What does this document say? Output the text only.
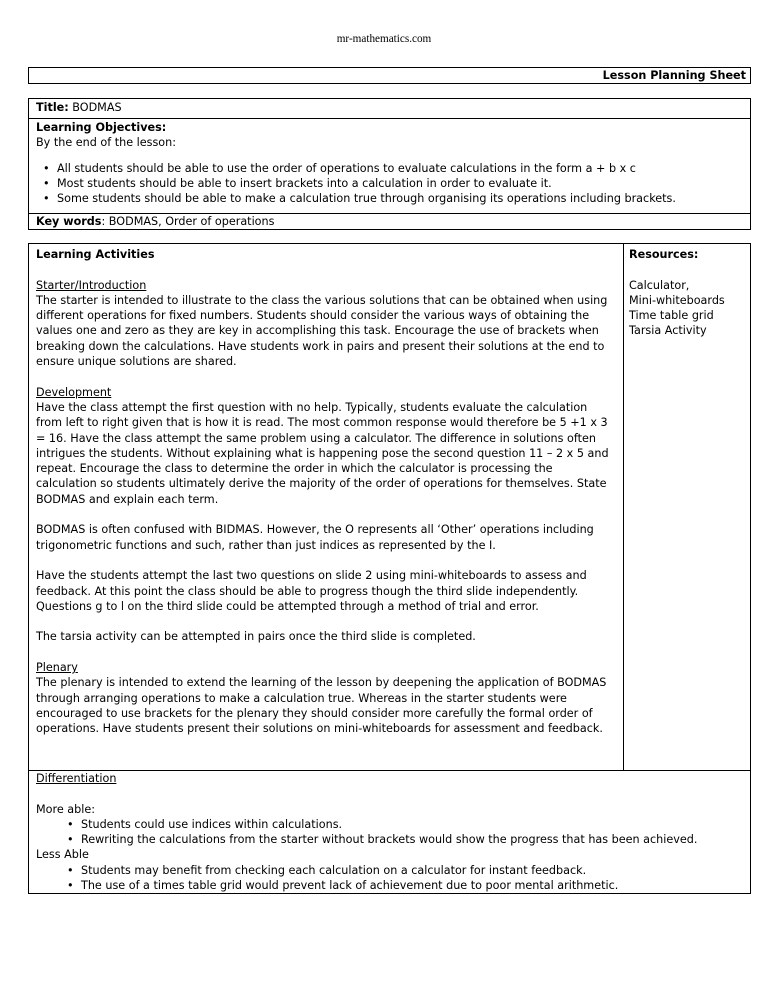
mr-mathematics.com
Lesson Planning Sheet
Title: BODMAS
Learning Objectives:
By the end of the lesson:
• All students should be able to use the order of operations to evaluate calculations in the form a + b x c
• Most students should be able to insert brackets into a calculation in order to evaluate it.
• Some students should be able to make a calculation true through organising its operations including brackets.
Key words: BODMAS, Order of operations
Learning Activities
Starter/Introduction
The starter is intended to illustrate to the class the various solutions that can be obtained when using different operations for fixed numbers. Students should consider the various ways of obtaining the values one and zero as they are key in accomplishing this task. Encourage the use of brackets when breaking down the calculations. Have students work in pairs and present their solutions at the end to ensure unique solutions are shared.
Development
Have the class attempt the first question with no help. Typically, students evaluate the calculation from left to right given that is how it is read. The most common response would therefore be 5 +1 x 3 = 16. Have the class attempt the same problem using a calculator. The difference in solutions often intrigues the students. Without explaining what is happening pose the second question 11 – 2 x 5 and repeat. Encourage the class to determine the order in which the calculator is processing the calculation so students ultimately derive the majority of the order of operations for themselves. State BODMAS and explain each term.
BODMAS is often confused with BIDMAS. However, the O represents all ‘Other’ operations including trigonometric functions and such, rather than just indices as represented by the I.
Have the students attempt the last two questions on slide 2 using mini-whiteboards to assess and feedback. At this point the class should be able to progress though the third slide independently. Questions g to l on the third slide could be attempted through a method of trial and error.
The tarsia activity can be attempted in pairs once the third slide is completed.
Plenary
The plenary is intended to extend the learning of the lesson by deepening the application of BODMAS through arranging operations to make a calculation true. Whereas in the starter students were encouraged to use brackets for the plenary they should consider more carefully the formal order of operations. Have students present their solutions on mini-whiteboards for assessment and feedback.
Resources:
Calculator,
Mini-whiteboards
Time table grid
Tarsia Activity
Differentiation
More able:
• Students could use indices within calculations.
• Rewriting the calculations from the starter without brackets would show the progress that has been achieved.
Less Able
• Students may benefit from checking each calculation on a calculator for instant feedback.
• The use of a times table grid would prevent lack of achievement due to poor mental arithmetic.
